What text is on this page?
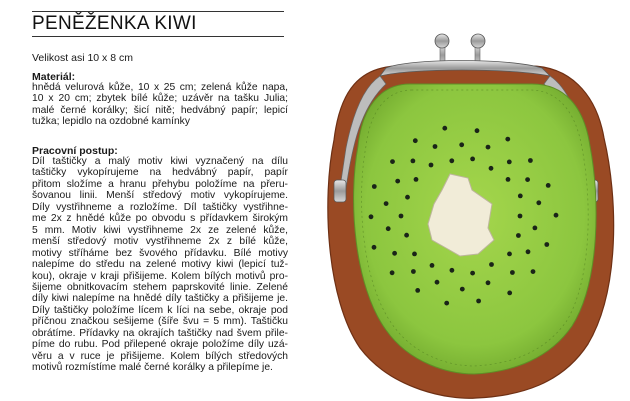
PENĚŽENKA KIWI
Velikost asi 10 x 8 cm
Materiál:

hnědá velurová kůže, 10 x 25 cm; zelená kůže napa,
10 x 20 cm; zbytek bílé kůže; uzávěr na tašku Julia;
malé černé korálky; šicí nitě; hedvábný papír; lepicí
tužka; lepidlo na ozdobné kamínky

Pracovní postup:

Díl taštičky a malý motiv kiwi vyznačený na dílu
taštičky vykopírujeme na hedvábný papír, papír
přitom složíme a hranu přehybu položíme na přeru-
šovanou linii. Menší středový motiv vykopírujeme.
Díly vystřihneme a rozložíme. Díl taštičky vystřihne-
me 2x z hnědé kůže po obvodu s přídavkem širokým
5 mm. Motiv kiwi vystřihneme 2x ze zelené kůže,
menší středový motiv vystřihneme 2x z bílé kůže,
motivy stříháme bez švového přídavku. Bílé motivy
nalepíme do středu na zelené motivy kiwi (lepicí tuž-
kou), okraje v kraji přišijeme. Kolem bílých motivů pro-
šijeme obnitkovacím stehem paprskovité linie. Zelené
díly kiwi nalepíme na hnědé díly taštičky a přišijeme je.
Díly taštičky položíme lícem k líci na sebe, okraje pod
příčnou značkou sešijeme (šíře švu = 5 mm). Taštičku
obrátíme. Přídavky na okrajích taštičky nad švem přile-
píme do rubu. Pod přilepené okraje položíme díly uzá-
věru a v ruce je přišijeme. Kolem bílých středových
motivů rozmístíme malé černé korálky a přilepíme je.
